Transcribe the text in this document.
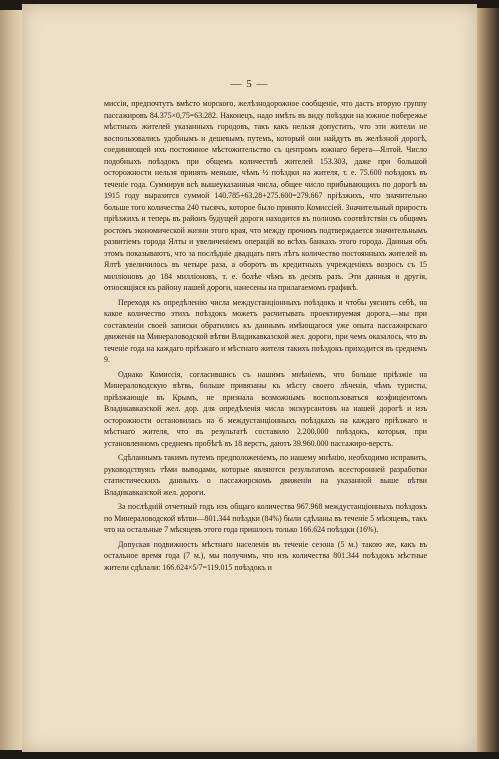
— 5 —

миссіи, предпочтутъ вмѣсто морского, желѣзнодорожное сообщеніе, что дастъ вторую группу пассажировъ 84.375×0,75=63.282. Наконецъ, надо имѣть въ виду поѣздки на южное побережье мѣстныхъ жителей указанныхъ городовъ, такъ какъ нельзя допустить, что эти жители не воспользовались удобнымъ и дешевымъ путемъ, который они найдутъ въ желѣзной дорогѣ, соединяющей ихъ постоянное мѣстожительство съ центромъ южнаго берега—Ялтой. Число подобныхъ поѣздокъ при общемъ количествѣ жителей 153.303, даже при большой осторожности нельзя принять меньше, чѣмъ ½ поѣздки на жителя, т. е. 75.600 поѣздокъ въ теченіе года. Суммируя всѣ вышеуказанныя числа, общее число прибывающихъ по дорогѣ въ 1915 году выразится суммой 140.785+63.28+275.600=279.667 пріѣзжихъ, что значительно больше того количества 240 тысячъ, которое было принято Комиссіей. Значительный приростъ пріѣзжихъ и теперь въ районъ будущей дороги находится въ полномъ соотвѣтствіи съ общимъ ростомъ экономической жизни этого края, что между прочимъ подтверждается значительнымъ развитіемъ города Ялты и увеличеніемъ операцій во всѣхъ банкахъ этого города. Данныя объ этомъ показываютъ, что за послѣдніе двадцать пять лѣтъ количество постоянныхъ жителей въ Ялтѣ увеличилось въ четыре раза, а оборотъ въ кредитныхъ учрежденіяхъ возросъ съ 15 милліоновъ до 184 милліоновъ, т. е. болѣе чѣмъ въ десять разъ. Эти данныя и другія, относящіяся къ району нашей дороги, нанесены на прилагаемомъ графикѣ.

Переходя къ опредѣленію числа междустанціонныхъ поѣздокъ и чтобы уяснить себѣ, на какое количество этихъ поѣздокъ можетъ расчитывать проектируемая дорога,—мы при составленіи своей записки обратились къ даннымъ имѣющагося уже опыта пассажирскаго движенія на Минераловодской вѣтви Владикавказской жел. дороги, при чемъ оказалось, что въ теченіе года на каждаго пріѣзжаго и мѣстнаго жителя такихъ поѣздокъ приходится въ среднемъ 9.

Однако Комиссія, согласившись съ нашимъ мнѣніемъ, что больше пріѣзжіе на Минераловодскую вѣтвь, больше привязаны къ мѣсту своего лѣченія, чѣмъ туристы, пріѣзжающіе въ Крымъ, не признала возможнымъ воспользоваться коэфиціентомъ Владикавказской жел. дор. для опредѣленія числа экскурсантовъ на нашей дорогѣ и изъ осторожности остановилась на 6 междустанціонныхъ поѣздкахъ на каждаго пріѣзжаго и мѣстнаго жителя, что въ результатѣ составило 2.200.000 поѣздокъ, которыя, при установленномъ среднемъ пробѣгѣ въ 18 верстъ, даютъ 39.960.000 пассажиро-верстъ.

Сдѣланнымъ такимъ путемъ предположеніемъ, по нашему мнѣнію, необходимо исправить, руководствуясь тѣми выводами, которые являются результатомъ всесторонней разработки статистическихъ данныхъ о пассажирскомъ движеніи на указанной выше вѣтви Владикавказской жел. дороги.

За послѣдній отчетный годъ изъ общаго количества 967.968 междустанціонныхъ поѣздокъ по Минераловодской вѣтви—801.344 поѣздки (84%) были сдѣланы въ теченіе 5 мѣсяцевъ, такъ что на остальные 7 мѣсяцевъ этого года пришлось только 166.624 поѣздки (16%).

Допуская подвижность мѣстнаго населенія въ теченіе сезона (5 м.) такою же, какъ въ остальное время года (7 м.), мы получимъ, что изъ количества 801.344 поѣздокъ мѣстные жители сдѣлали: 166.624×5/7=119.015 поѣздокъ и
